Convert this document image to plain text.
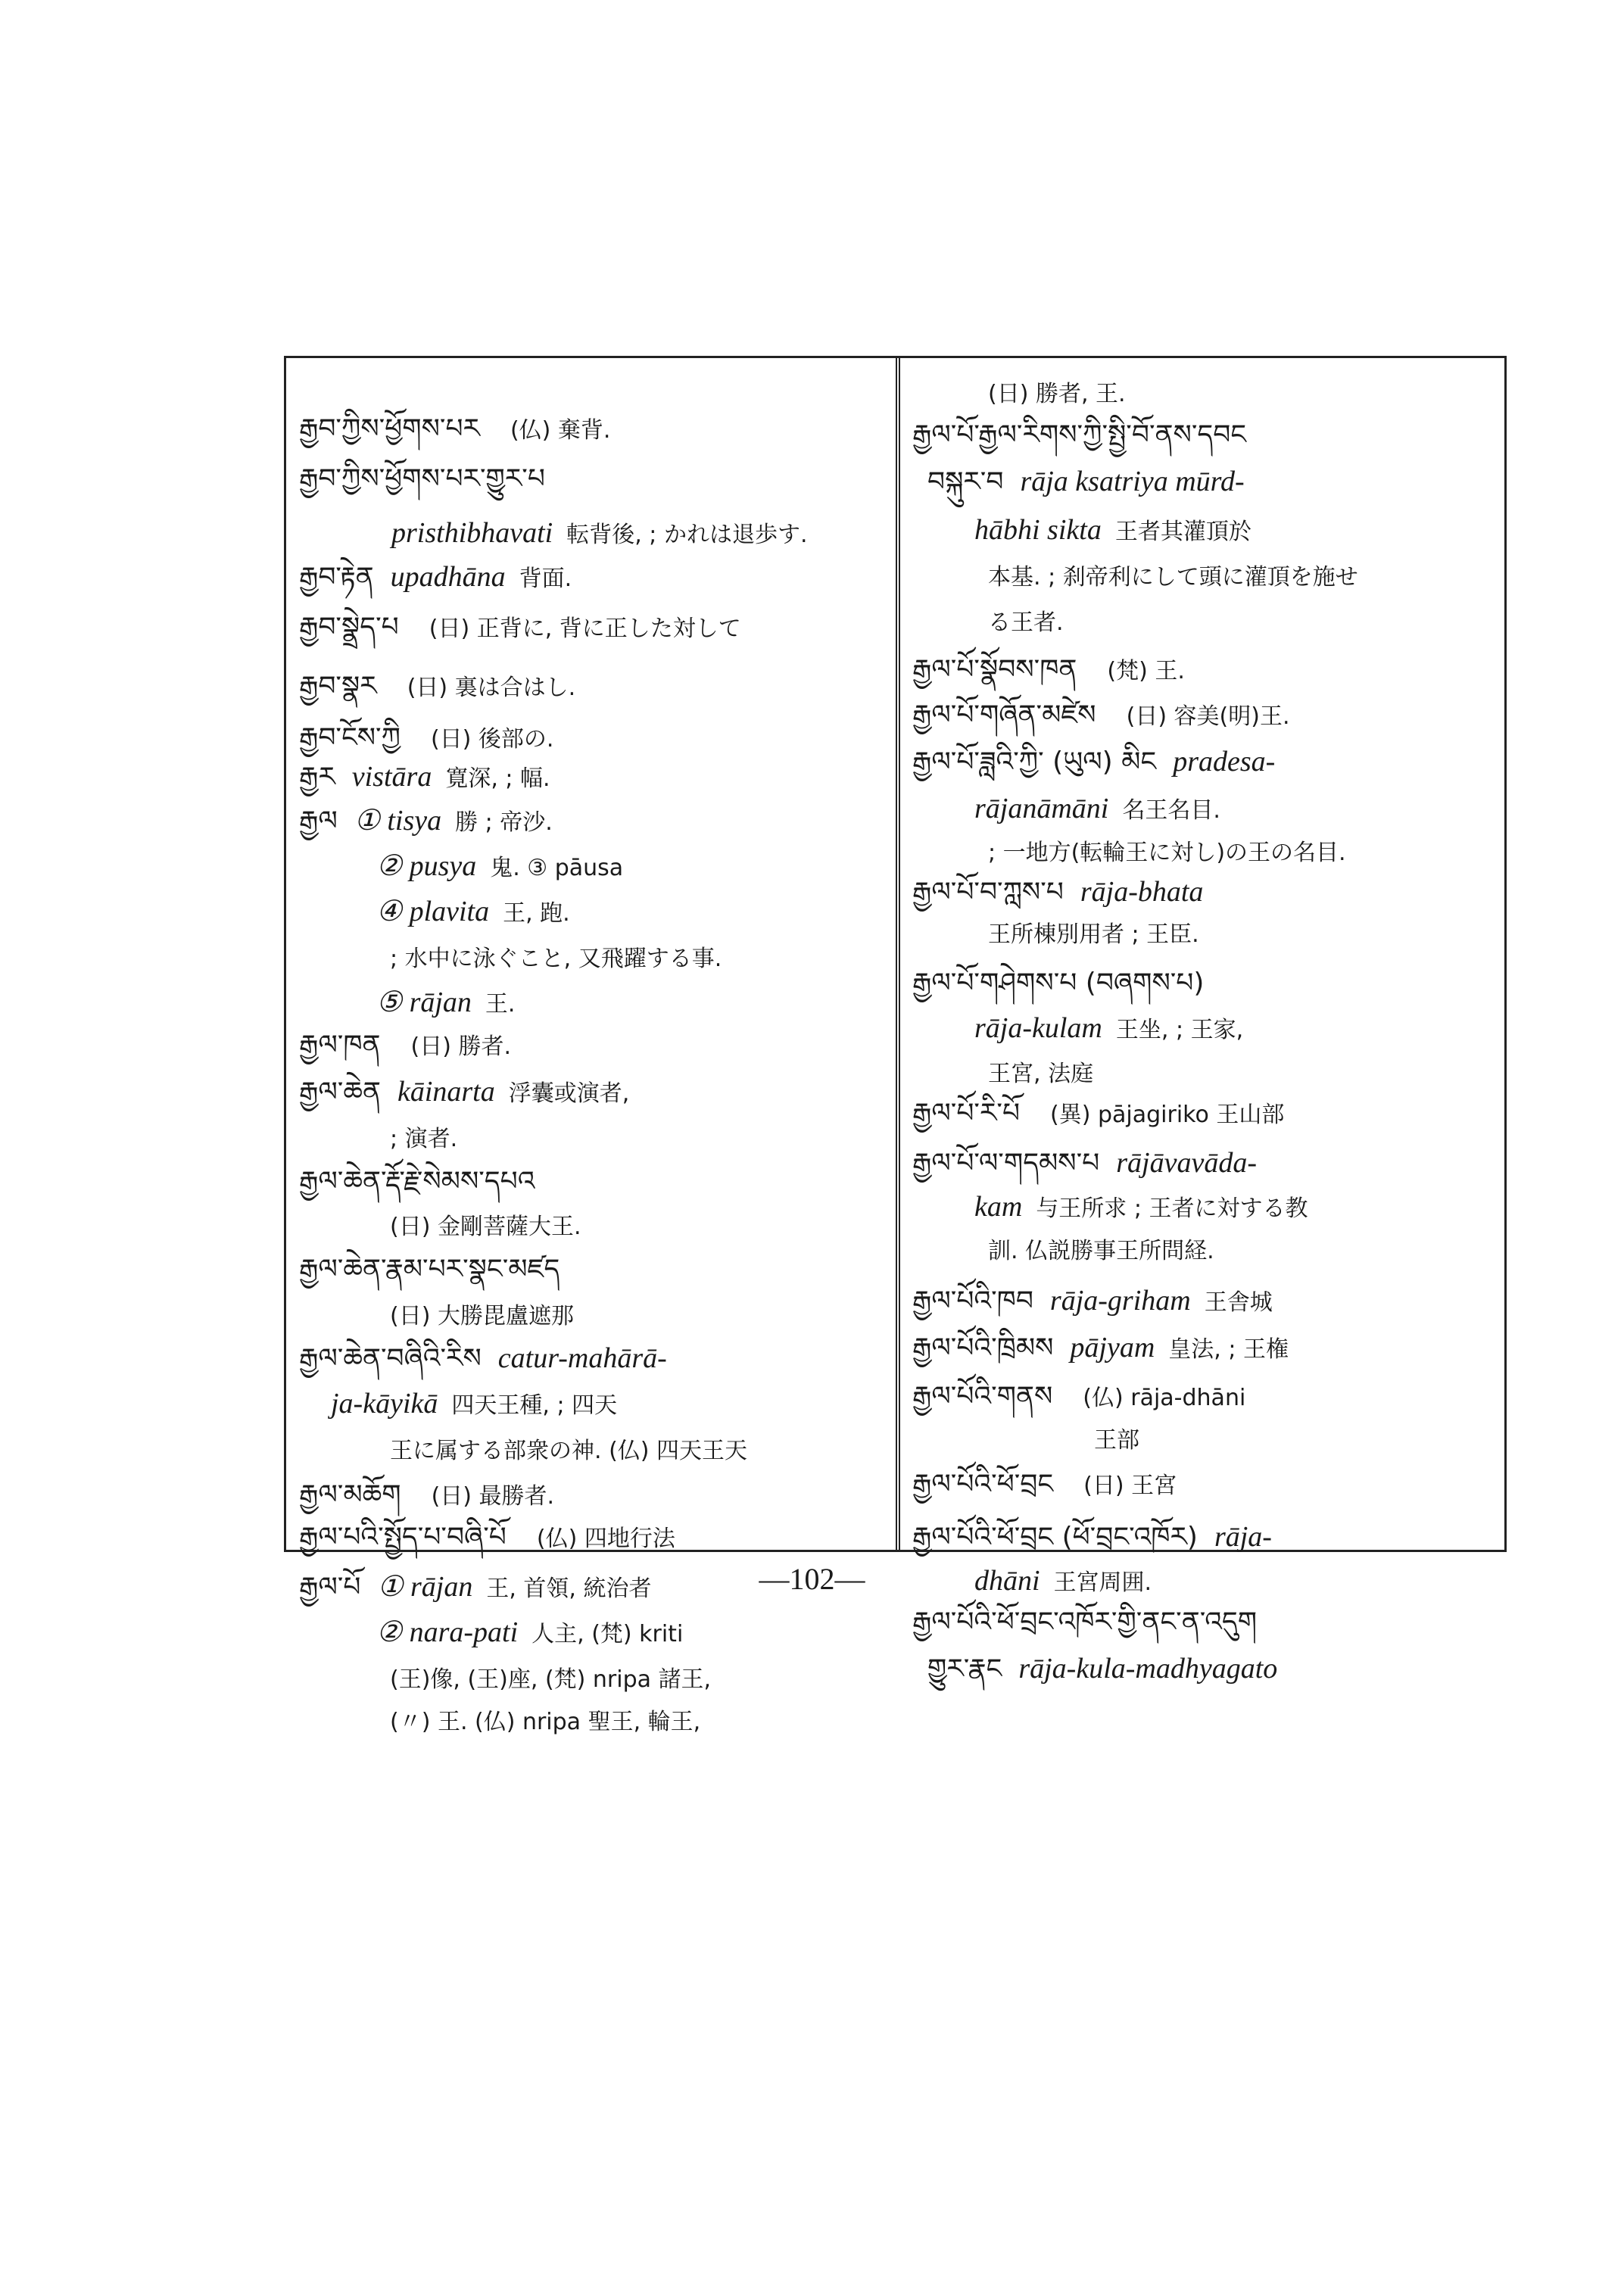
རྒྱབ་ཀྱིས་ཕྱོགས་པར (仏) 棄背.
རྒྱབ་ཀྱིས་ཕྱོགས་པར་གྱུར་པ
pristhibhavati 転背後, ; かれは退歩す.
རྒྱབ་རྟེན upadhāna 背面.
རྒྱབ་སྣྲེད་པ (日) 正背に, 背に正した対して
རྒྱབ་སྣར (日) 裏は合はし.
རྒྱབ་ངོས་ཀྱི (日) 後部の.
རྒྱར vistāra 寛深, ; 幅.
རྒྱལ ① tisya 勝 ; 帝沙.
② pusya 鬼. ③ pāusa
④ plavita 王, 跑.
; 水中に泳ぐこと, 又飛躍する事.
⑤ rājan 王.
རྒྱལ་ཁན (日) 勝者.
རྒྱལ་ཆེན kāinarta 浮囊或演者,
; 演者.
རྒྱལ་ཆེན་རྡོ་རྗེ་སེམས་དཔའ
(日) 金剛菩薩大王.
རྒྱལ་ཆེན་རྣམ་པར་སྣང་མཛད
(日) 大勝毘盧遮那
རྒྱལ་ཆེན་བཞིའི་རིས catur-mahārā-
ja-kāyikā 四天王種, ; 四天
王に属する部衆の神. (仏) 四天王天
རྒྱལ་མཆོག (日) 最勝者.
རྒྱལ་པའི་སྤྱོད་པ་བཞི་པོ (仏) 四地行法
རྒྱལ་པོ ① rājan 王, 首領, 統治者
② nara-pati 人主, (梵) kriti
(王)像, (王)座, (梵) nripa 諸王,
(〃) 王. (仏) nripa 聖王, 輪王,
(日) 勝者, 王.
རྒྱལ་པོ་རྒྱལ་རིགས་ཀྱི་སྤྱི་བོ་ནས་དབང
བསྐུར་བ rāja ksatriya mūrd-
hābhi sikta 王者其灌頂於
本基. ; 刹帝利にして頭に灌頂を施せ
る王者.
རྒྱལ་པོ་སྣོབས་ཁན (梵) 王.
རྒྱལ་པོ་གཞོན་མཛེས (日) 容美(明)王.
རྒྱལ་པོ་ཟླའི་ཀྱི་ (ཡུལ) མིང pradesa-
rājanāmāni 名王名目.
; 一地方(転輪王に対し)の王の名目.
རྒྱལ་པོ་བ་ཀླས་པ rāja-bhata
王所棟別用者 ; 王臣.
རྒྱལ་པོ་གཤེགས་པ (བཞགས་པ)
rāja-kulam 王坐, ; 王家,
王宮, 法庭
རྒྱལ་པོ་རི་པོ (異) pājagiriko 王山部
རྒྱལ་པོ་ལ་གདམས་པ rājāvavāda-
kam 与王所求 ; 王者に対する教
訓. 仏説勝事王所問経.
རྒྱལ་པོའི་ཁབ rāja-griham 王舎城
རྒྱལ་པོའི་ཁྲིམས pājyam 皇法, ; 王権
རྒྱལ་པོའི་གནས (仏) rāja-dhāni
王部
རྒྱལ་པོའི་ཕོ་བྲང (日) 王宮
རྒྱལ་པོའི་ཕོ་བྲང (ཕོ་བྲང་འཁོར) rāja-
dhāni 王宮周囲.
རྒྱལ་པོའི་ཕོ་བྲང་འཁོར་གྱི་ནང་ན་འདུག
གྱུར་རྣང rāja-kula-madhyagato
—102—
